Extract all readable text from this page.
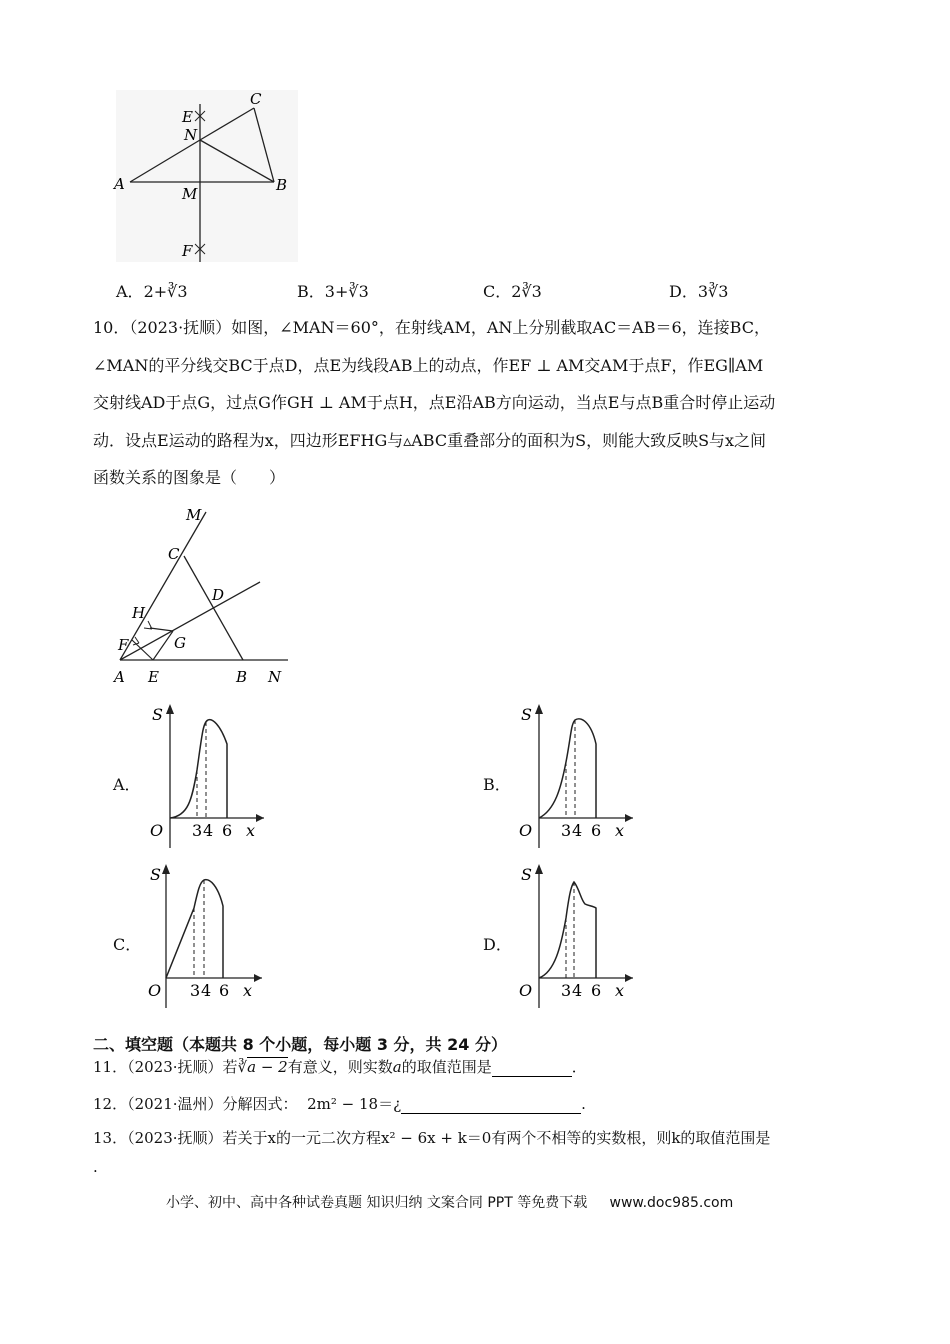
C
E
N
A
M	B
F
A．2+∛3	B．3+∛3	C．2∛3	D．3∛3
10．（2023·抚顺）如图，∠MAN＝60°，在射线AM，AN上分别截取AC＝AB＝6，连接BC，
∠MAN的平分线交BC于点D，点E为线段AB上的动点，作EF ⊥ AM交AM于点F，作EG∥AM
交射线AD于点G，过点G作GH ⊥ AM于点H，点E沿AB方向运动，当点E与点B重合时停止运动
动．设点E运动的路程为x，四边形EFHG与▵ABC重叠部分的面积为S，则能大致反映S与x之间
函数关系的图象是（　　）
M
C
D
H
F	G
A E	B N
A．
S
O 3 4 6 x
B．
S
O 3 4 6 x
C．
S
O 3 4 6 x
D．
S
O 3 4 6 x
二、填空题（本题共 8 个小题，每小题 3 分，共 24 分）
11．（2023·抚顺）若∛a − 2有意义，则实数a的取值范围是	．
12．（2021·温州）分解因式： 2m² − 18＝¿	.
13．（2023·抚顺）若关于x的一元二次方程x² − 6x + k＝0有两个不相等的实数根，则k的取值范围是
.
小学、初中、高中各种试卷真题 知识归纳 文案合同 PPT 等免费下载 www.doc985.com
